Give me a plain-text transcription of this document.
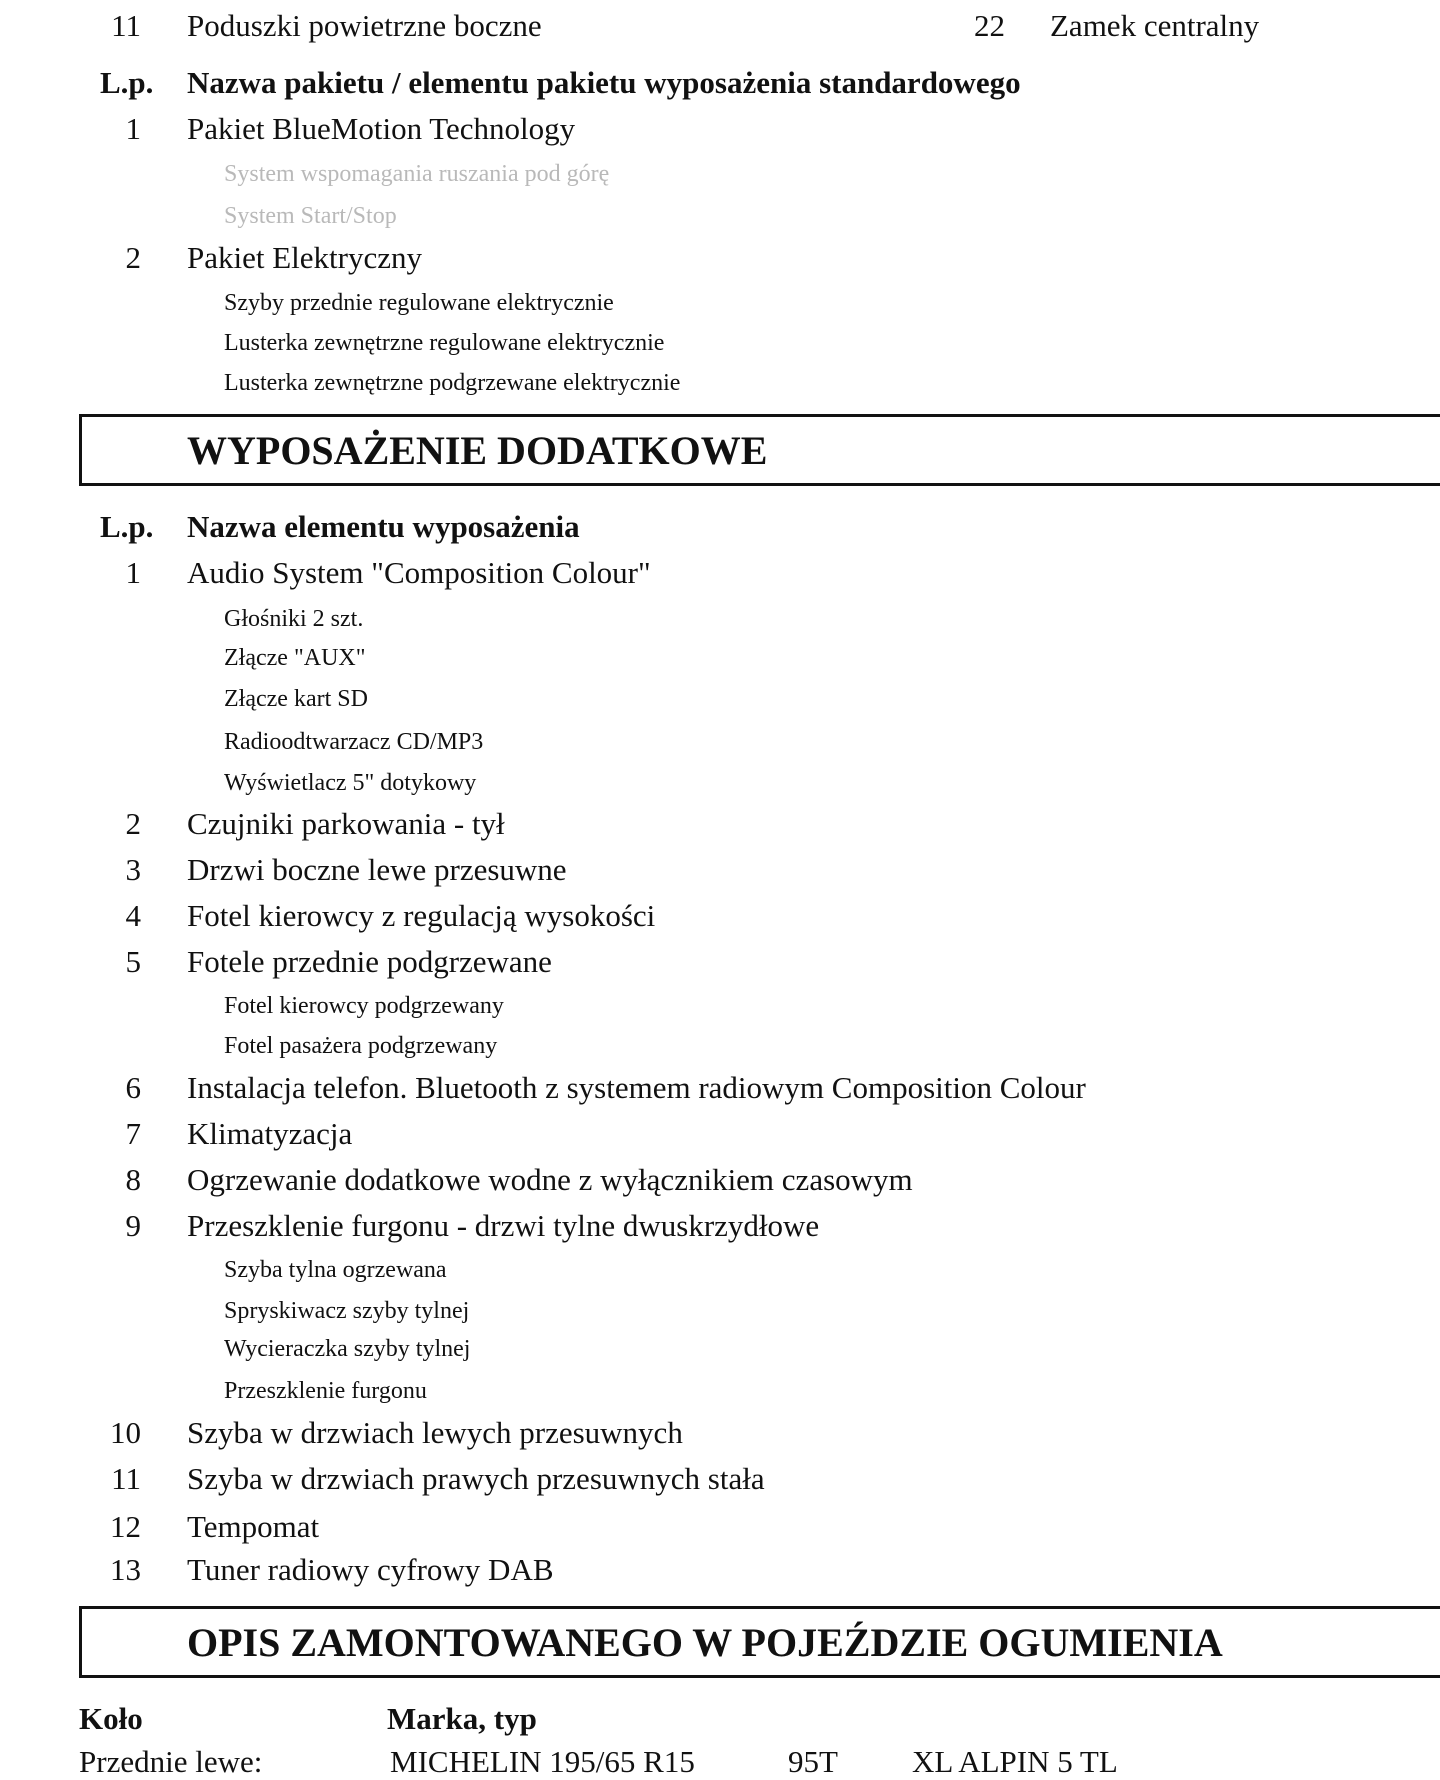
11 Poduszki powietrzne boczne	22 Zamek centralny
L.p. Nazwa pakietu / elementu pakietu wyposażenia standardowego
1 Pakiet BlueMotion Technology
System wspomagania ruszania pod górę
System Start/Stop
2 Pakiet Elektryczny
Szyby przednie regulowane elektrycznie
Lusterka zewnętrzne regulowane elektrycznie
Lusterka zewnętrzne podgrzewane elektrycznie
WYPOSAŻENIE DODATKOWE
L.p. Nazwa elementu wyposażenia
1 Audio System "Composition Colour"
Głośniki 2 szt.
Złącze "AUX"
Złącze kart SD
Radioodtwarzacz CD/MP3
Wyświetlacz 5" dotykowy
2 Czujniki parkowania - tył
3 Drzwi boczne lewe przesuwne
4 Fotel kierowcy z regulacją wysokości
5 Fotele przednie podgrzewane
Fotel kierowcy podgrzewany
Fotel pasażera podgrzewany
6 Instalacja telefon. Bluetooth z systemem radiowym Composition Colour
7 Klimatyzacja
8 Ogrzewanie dodatkowe wodne z wyłącznikiem czasowym
9 Przeszklenie furgonu - drzwi tylne dwuskrzydłowe
Szyba tylna ogrzewana
Spryskiwacz szyby tylnej
Wycieraczka szyby tylnej
Przeszklenie furgonu
10 Szyba w drzwiach lewych przesuwnych
11 Szyba w drzwiach prawych przesuwnych stała
12 Tempomat
13 Tuner radiowy cyfrowy DAB
OPIS ZAMONTOWANEGO W POJEŹDZIE OGUMIENIA
Koło	Marka, typ
Przednie lewe:	MICHELIN 195/65 R15	95T XL ALPIN 5 TL
